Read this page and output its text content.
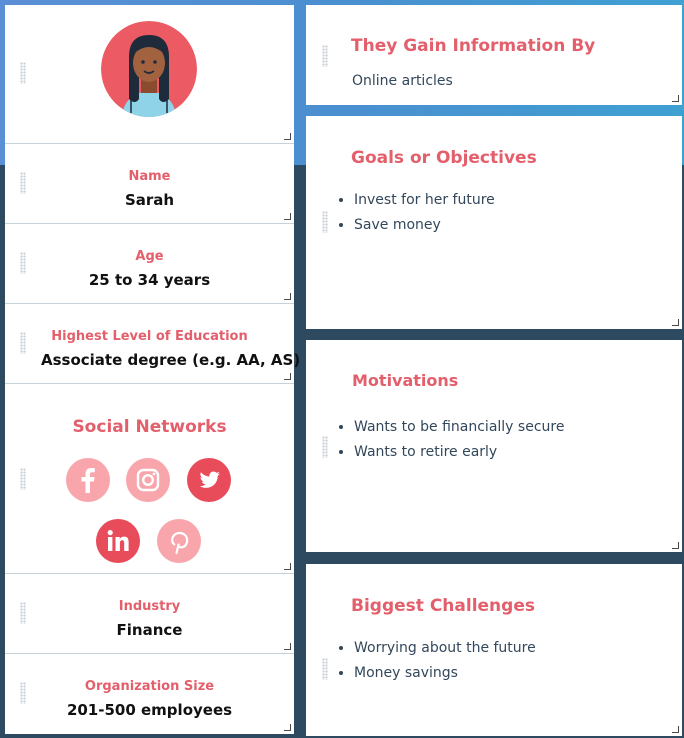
Name
Sarah
Age
25 to 34 years
Highest Level of Education
Associate degree (e.g. AA, AS)
Social Networks
Industry
Finance
Organization Size
201-500 employees
They Gain Information By
Online articles
Goals or Objectives
• Invest for her future
• Save money
Motivations
• Wants to be financially secure
• Wants to retire early
Biggest Challenges
• Worrying about the future
• Money savings
